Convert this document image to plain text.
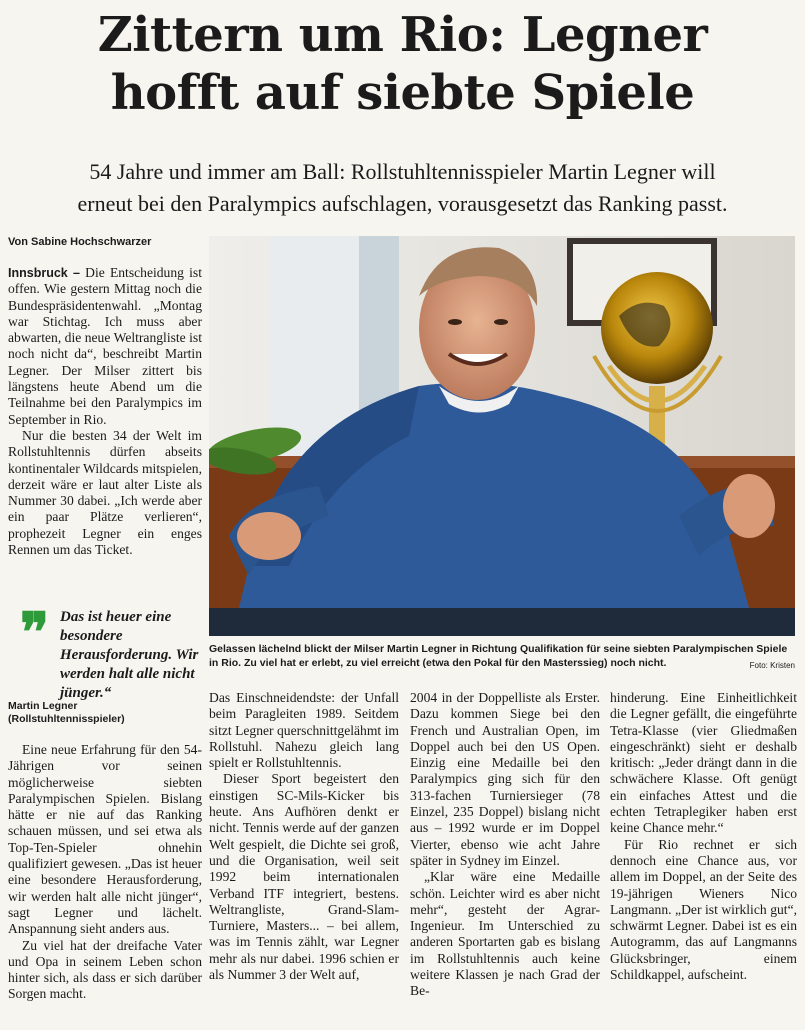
Zittern um Rio: Legner
hofft auf siebte Spiele

54 Jahre und immer am Ball: Rollstuhltennisspieler Martin Legner will
erneut bei den Paralympics aufschlagen, vorausgesetzt das Ranking passt.

Von Sabine Hochschwarzer

Innsbruck – Die Entscheidung ist offen. Wie gestern Mittag noch die Bundespräsidentenwahl. „Montag war Stichtag. Ich muss aber abwarten, die neue Weltrangliste ist noch nicht da“, beschreibt Martin Legner. Der Milser zittert bis längstens heute Abend um die Teilnahme bei den Paralympics im September in Rio.

Nur die besten 34 der Welt im Rollstuhltennis dürfen abseits kontinentaler Wildcards mitspielen, derzeit wäre er laut alter Liste als Nummer 30 dabei. „Ich werde aber ein paar Plätze verlieren“, prophezeit Legner ein enges Rennen um das Ticket.

❞ Das ist heuer eine besondere Herausforderung. Wir werden halt alle nicht jünger.“

Martin Legner
(Rollstuhltennisspieler)

Eine neue Erfahrung für den 54-Jährigen vor seinen möglicherweise siebten Paralympischen Spielen. Bislang hätte er nie auf das Ranking schauen müssen, und sei etwa als Top-Ten-Spieler ohnehin qualifiziert gewesen. „Das ist heuer eine besondere Herausforderung, wir werden halt alle nicht jünger“, sagt Legner und lächelt. Anspannung sieht anders aus.

Zu viel hat der dreifache Vater und Opa in seinem Leben schon hinter sich, als dass er sich darüber Sorgen macht.

Gelassen lächelnd blickt der Milser Martin Legner in Richtung Qualifikation für seine siebten Paralympischen Spiele in Rio. Zu viel hat er erlebt, zu viel erreicht (etwa den Pokal für den Masterssieg) noch nicht.	Foto: Kristen

Das Einschneidendste: der Unfall beim Paragleiten 1989. Seitdem sitzt Legner querschnittgelähmt im Rollstuhl. Nahezu gleich lang spielt er Rollstuhltennis.

Dieser Sport begeistert den einstigen SC-Mils-Kicker bis heute. Ans Aufhören denkt er nicht. Tennis werde auf der ganzen Welt gespielt, die Dichte sei groß, und die Organisation, weil seit 1992 beim internationalen Verband ITF integriert, bestens. Weltrangliste, Grand-Slam-Turniere, Masters... – bei allem, was im Tennis zählt, war Legner mehr als nur dabei. 1996 schien er als Nummer 3 der Welt auf,

2004 in der Doppelliste als Erster. Dazu kommen Siege bei den French und Australian Open, im Doppel auch bei den US Open. Einzig eine Medaille bei den Paralympics ging sich für den 313-fachen Turniersieger (78 Einzel, 235 Doppel) bislang nicht aus – 1992 wurde er im Doppel Vierter, ebenso wie acht Jahre später in Sydney im Einzel.

„Klar wäre eine Medaille schön. Leichter wird es aber nicht mehr“, gesteht der Agrar-Ingenieur. Im Unterschied zu anderen Sportarten gab es bislang im Rollstuhltennis auch keine weitere Klassen je nach Grad der Be-

hinderung. Eine Einheitlichkeit die Legner gefällt, die eingeführte Tetra-Klasse (vier Gliedmaßen eingeschränkt) sieht er deshalb kritisch: „Jeder drängt dann in die schwächere Klasse. Oft genügt ein einfaches Attest und die echten Tetraplegiker haben erst keine Chance mehr.“

Für Rio rechnet er sich dennoch eine Chance aus, vor allem im Doppel, an der Seite des 19-jährigen Wieners Nico Langmann. „Der ist wirklich gut“, schwärmt Legner. Dabei ist es ein Autogramm, das auf Langmanns Glücksbringer, einem Schildkappel, aufscheint.
